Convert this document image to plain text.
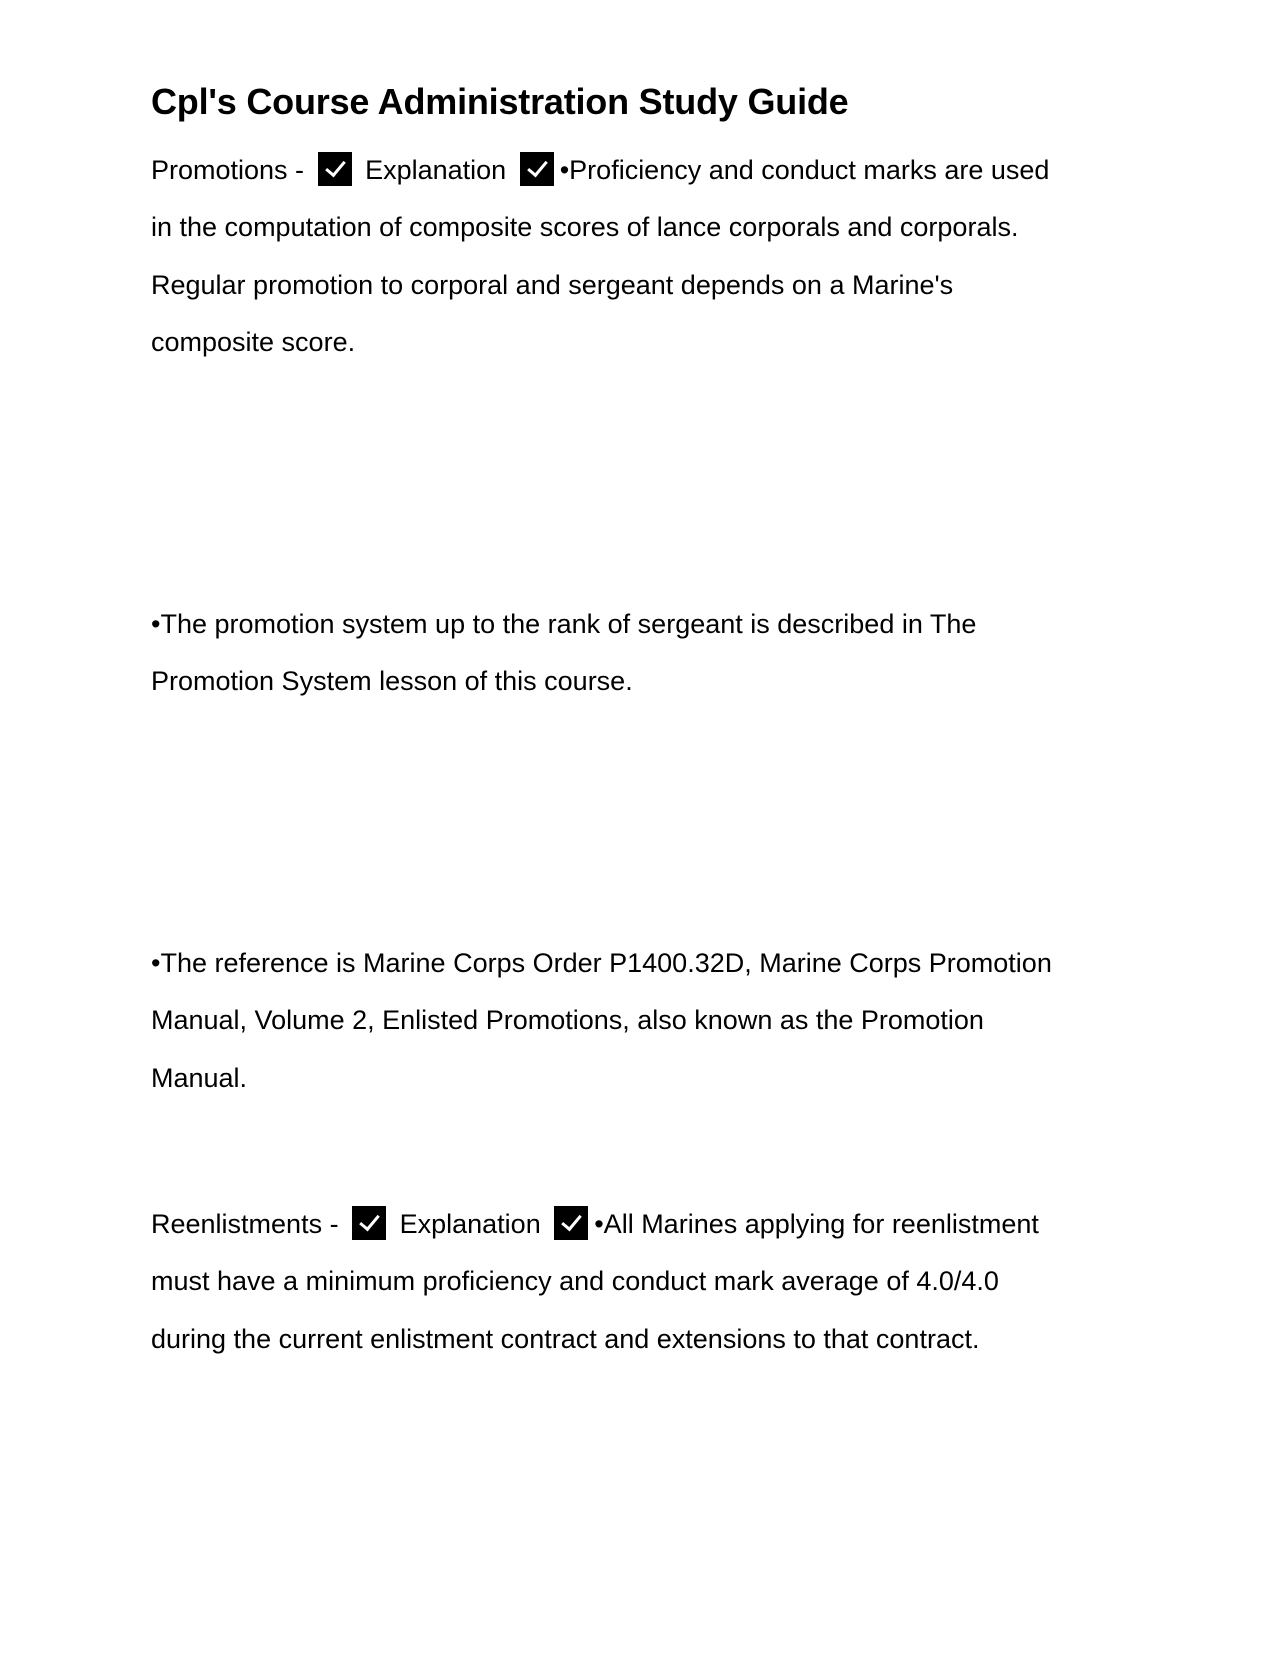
Cpl's Course Administration Study Guide
Promotions - Explanation •Proficiency and conduct marks are used
in the computation of composite scores of lance corporals and corporals.
Regular promotion to corporal and sergeant depends on a Marine's
composite score.
•The promotion system up to the rank of sergeant is described in The
Promotion System lesson of this course.
•The reference is Marine Corps Order P1400.32D, Marine Corps Promotion
Manual, Volume 2, Enlisted Promotions, also known as the Promotion
Manual.
Reenlistments - Explanation •All Marines applying for reenlistment
must have a minimum proficiency and conduct mark average of 4.0/4.0
during the current enlistment contract and extensions to that contract.
